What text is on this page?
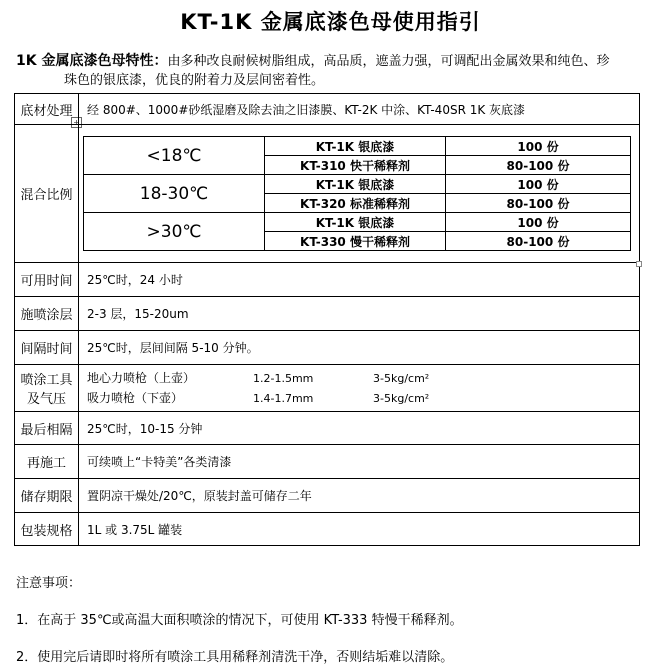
KT-1K 金属底漆色母使用指引
1K 金属底漆色母特性：由多种改良耐候树脂组成，高品质，遮盖力强，可调配出金属效果和纯色、珍
珠色的银底漆，优良的附着力及层间密着性。
+
底材处理	经 800#、1000#砂纸湿磨及除去油之旧漆膜、KT-2K 中涂、KT-40SR 1K 灰底漆
混合比例	
<18℃	KT-1K 银底漆	100 份
KT-310 快干稀释剂	80-100 份
18-30℃	KT-1K 银底漆	100 份
KT-320 标准稀释剂	80-100 份
>30℃	KT-1K 银底漆	100 份
KT-330 慢干稀释剂	80-100 份

可用时间	25℃时，24 小时
施喷涂层	2-3 层，15-20um
间隔时间	25℃时，层间间隔 5-10 分钟。

喷涂工具
及气压

地心力喷枪（上壶）	1.2-1.5mm	3-5kg/cm²
吸力喷枪（下壶）	1.4-1.7mm	3-5kg/cm²

最后相隔	25℃时，10-15 分钟
再施工	可续喷上“卡特美”各类清漆
储存期限	置阴凉干燥处/20℃，原装封盖可储存二年
包装规格	1L 或 3.75L 罐装
注意事项：
1．在高于 35℃或高温大面积喷涂的情况下，可使用 KT-333 特慢干稀释剂。
2．使用完后请即时将所有喷涂工具用稀释剂清洗干净，否则结垢难以清除。
